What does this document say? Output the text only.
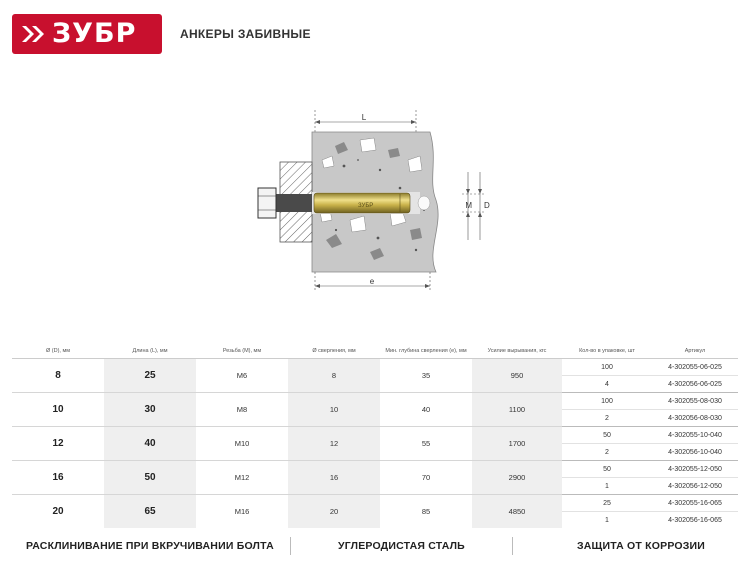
ЗУБР	АНКЕРЫ ЗАБИВНЫЕ
L
ЗУБР	M D
e
Ø (D), мм	Длина (L), мм	Резьба (M), мм	Ø сверления, мм	Мин. глубина сверления (e), мм	Усилие вырывания, кгс	Кол-во в упаковке, шт	Артикул
8	25	M6	8	35	950	100	4-302055-06-025
						4	4-302056-06-025
10	30	M8	10	40	1100	100	4-302055-08-030
						2	4-302056-08-030
12	40	M10	12	55	1700	50	4-302055-10-040
						2	4-302056-10-040
16	50	M12	16	70	2900	50	4-302055-12-050
						1	4-302056-12-050
20	65	M16	20	85	4850	25	4-302055-16-065
						1	4-302056-16-065
РАСКЛИНИВАНИЕ ПРИ ВКРУЧИВАНИИ БОЛТА	УГЛЕРОДИСТАЯ СТАЛЬ	ЗАЩИТА ОТ КОРРОЗИИ
